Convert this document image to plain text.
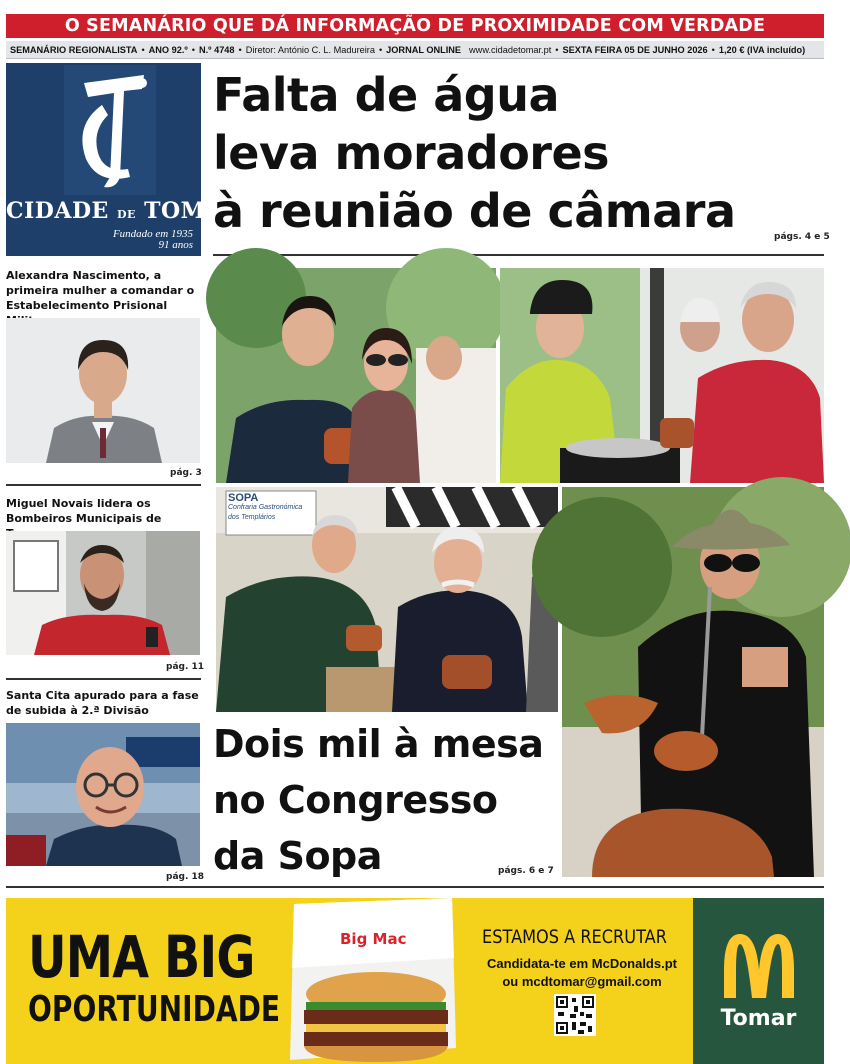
O SEMANÁRIO QUE DÁ INFORMAÇÃO DE PROXIMIDADE COM VERDADE
SEMANÁRIO REGIONALISTA • ANO 92.º • N.º 4748 • Diretor: António C. L. Madureira • JORNAL ONLINE www.cidadetomar.pt • SEXTA FEIRA 05 DE JUNHO 2026 • 1,20 € (IVA incluído)
CIDADE DE TOMAR
Fundado em 1935
91 anos
Falta de água
leva moradores
à reunião de câmara	págs. 4 e 5
Alexandra Nascimento, a primeira mulher a comandar o Estabelecimento Prisional
pág. 3
Miguel Novais lidera os Bombeiros Municipais de
pág. 11
Santa Cita apurado para a fase de subida à 2.ª Divisão
pág. 18
SOPA
Confraria Gastronómica
dos Templários
Dois mil à mesa
no Congresso
da Sopa	págs. 6 e 7
UMA BIG
OPORTUNIDADE
Big Mac	ESTAMOS A RECRUTAR
Candidata-te em McDonalds.pt
ou mcdtomar@gmail.com
Tomar
